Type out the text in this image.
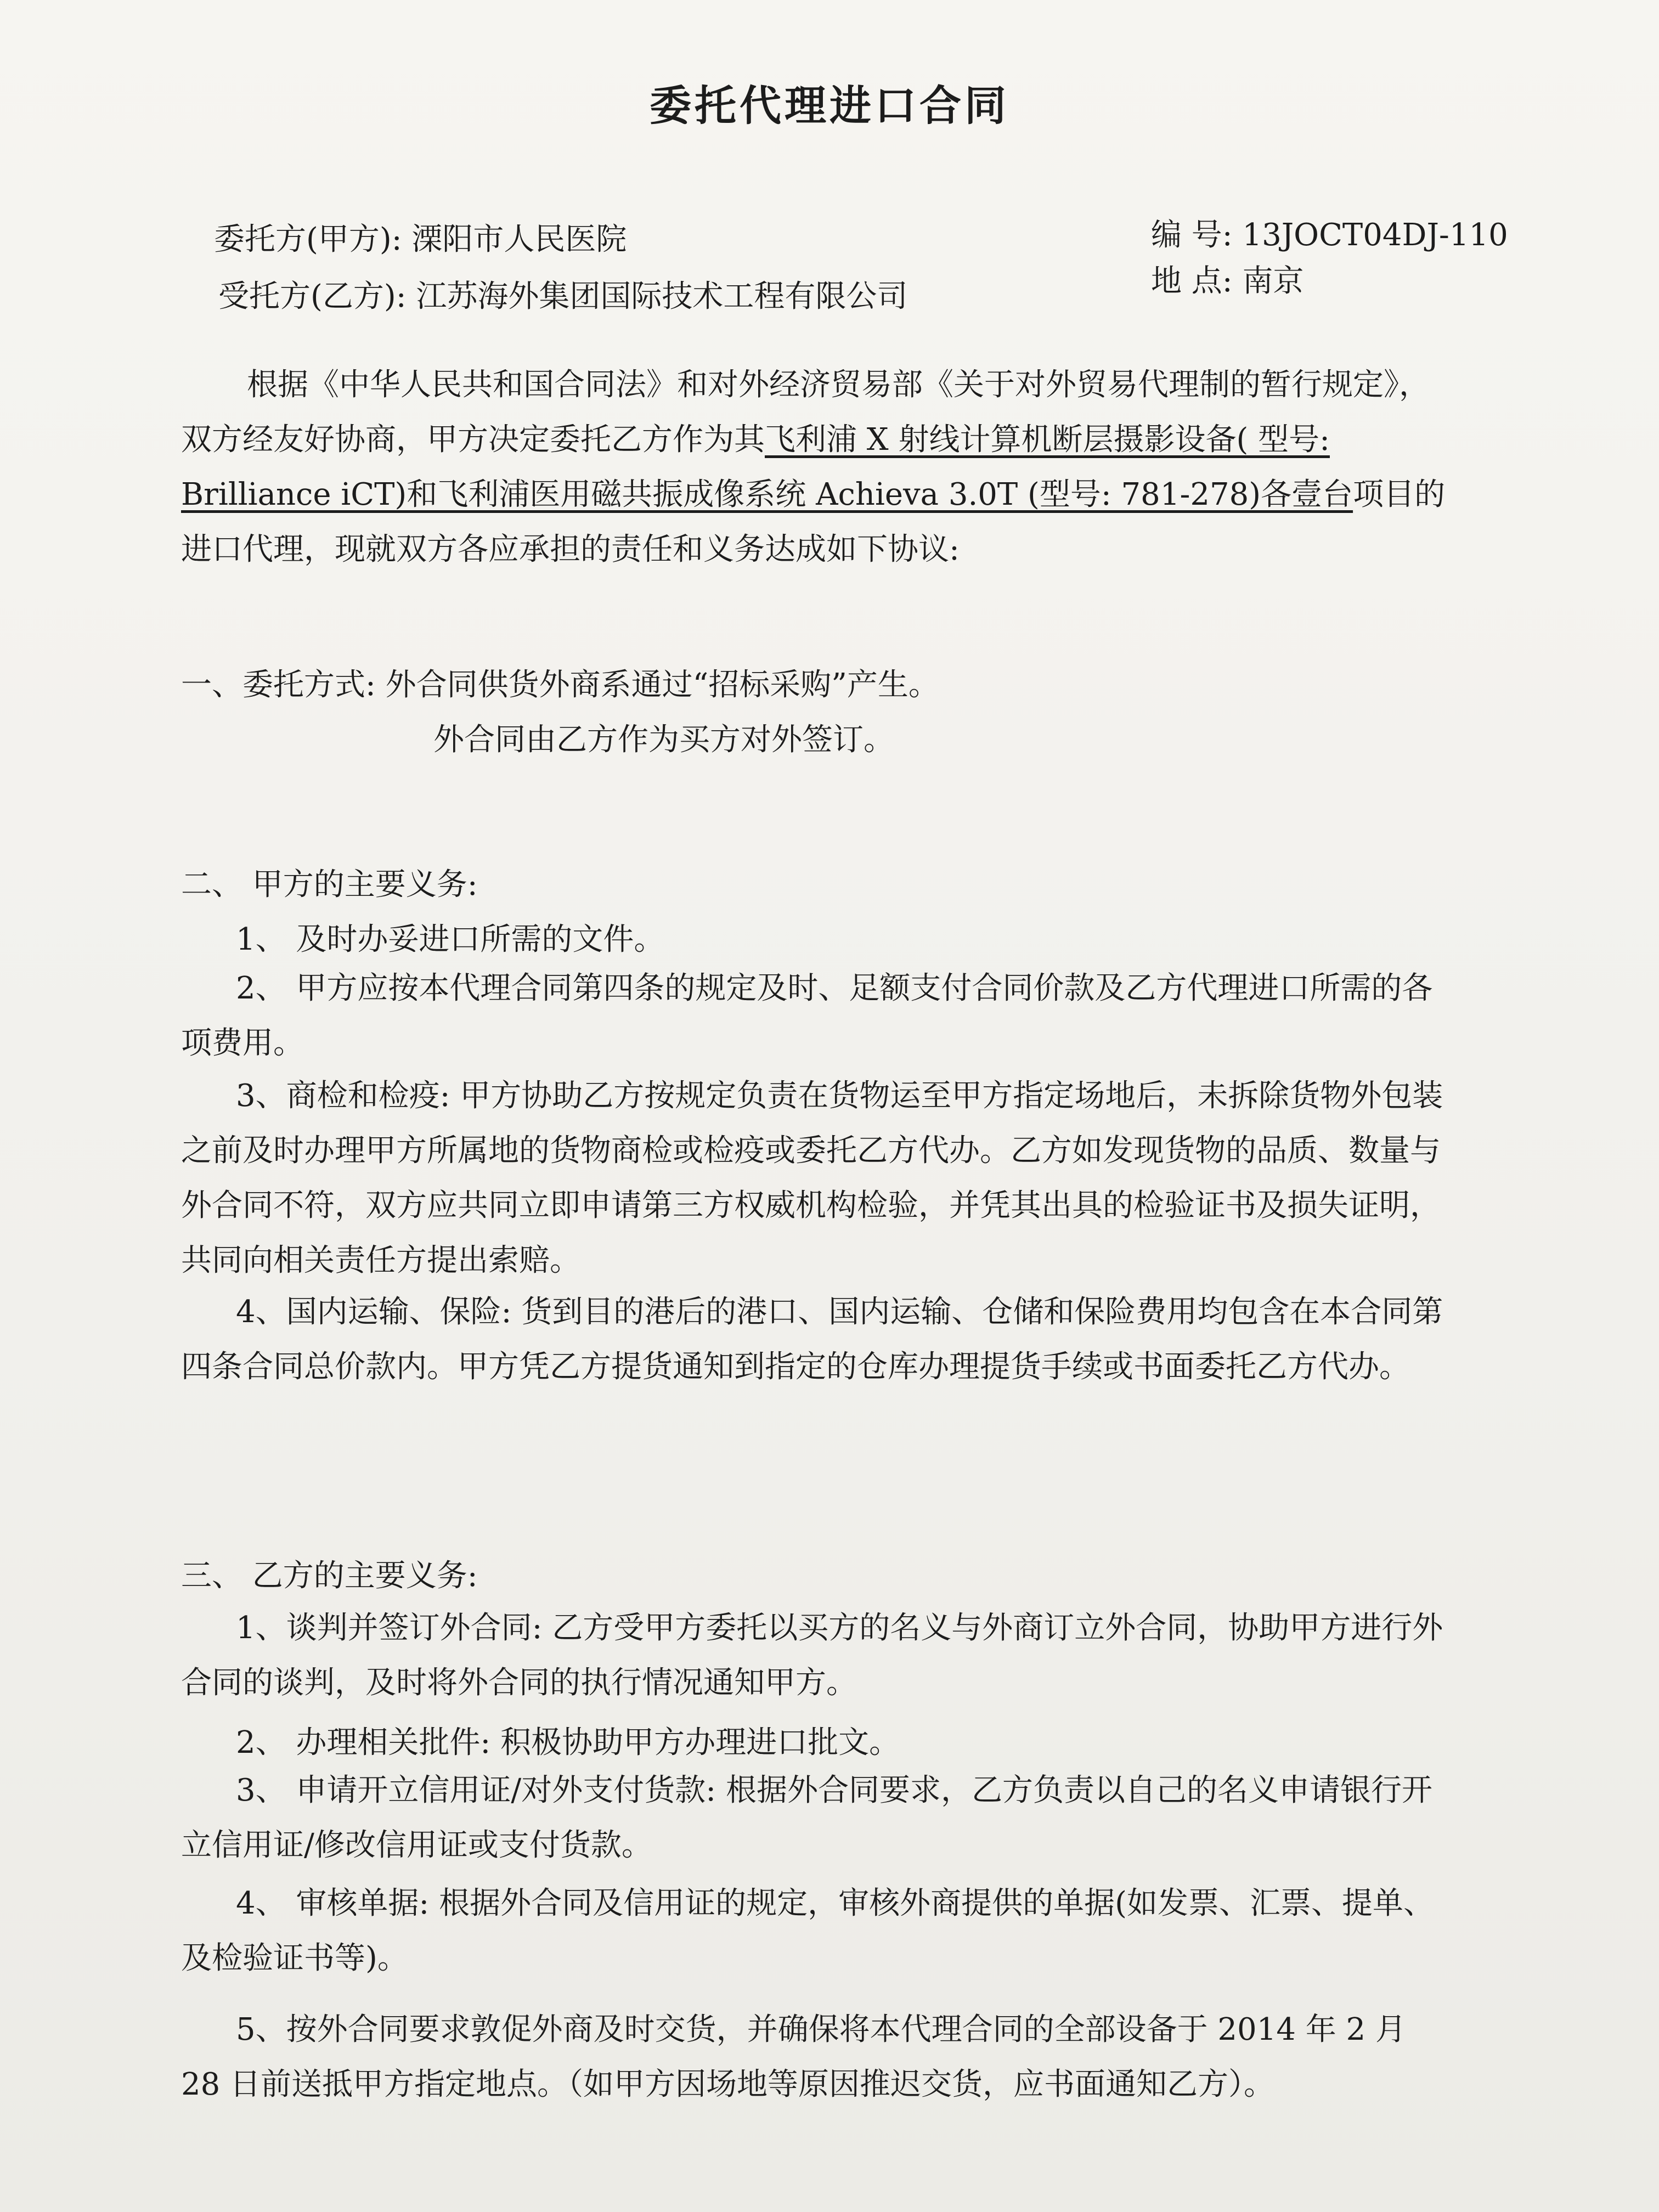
委托代理进口合同
委托方(甲方): 溧阳市人民医院
受托方(乙方): 江苏海外集团国际技术工程有限公司
编 号: 13JOCT04DJ-110
地 点: 南京
根据《中华人民共和国合同法》和对外经济贸易部《关于对外贸易代理制的暂行规定》，双方经友好协商，甲方决定委托乙方作为其飞利浦 X 射线计算机断层摄影设备( 型号: Brilliance iCT)和飞利浦医用磁共振成像系统 Achieva 3.0T (型号: 781-278)各壹台项目的进口代理，现就双方各应承担的责任和义务达成如下协议:
一、委托方式: 外合同供货外商系通过“招标采购”产生。
外合同由乙方作为买方对外签订。
二、 甲方的主要义务:
1、 及时办妥进口所需的文件。
2、 甲方应按本代理合同第四条的规定及时、足额支付合同价款及乙方代理进口所需的各项费用。
3、商检和检疫: 甲方协助乙方按规定负责在货物运至甲方指定场地后，未拆除货物外包装之前及时办理甲方所属地的货物商检或检疫或委托乙方代办。乙方如发现货物的品质、数量与外合同不符，双方应共同立即申请第三方权威机构检验，并凭其出具的检验证书及损失证明，共同向相关责任方提出索赔。
4、国内运输、保险: 货到目的港后的港口、国内运输、仓储和保险费用均包含在本合同第四条合同总价款内。甲方凭乙方提货通知到指定的仓库办理提货手续或书面委托乙方代办。
三、 乙方的主要义务:
1、谈判并签订外合同: 乙方受甲方委托以买方的名义与外商订立外合同，协助甲方进行外合同的谈判，及时将外合同的执行情况通知甲方。
2、 办理相关批件: 积极协助甲方办理进口批文。
3、 申请开立信用证/对外支付货款: 根据外合同要求，乙方负责以自己的名义申请银行开立信用证/修改信用证或支付货款。
4、 审核单据: 根据外合同及信用证的规定，审核外商提供的单据(如发票、汇票、提单、及检验证书等)。
5、按外合同要求敦促外商及时交货，并确保将本代理合同的全部设备于 2014 年 2 月 28 日前送抵甲方指定地点。（如甲方因场地等原因推迟交货，应书面通知乙方）。
